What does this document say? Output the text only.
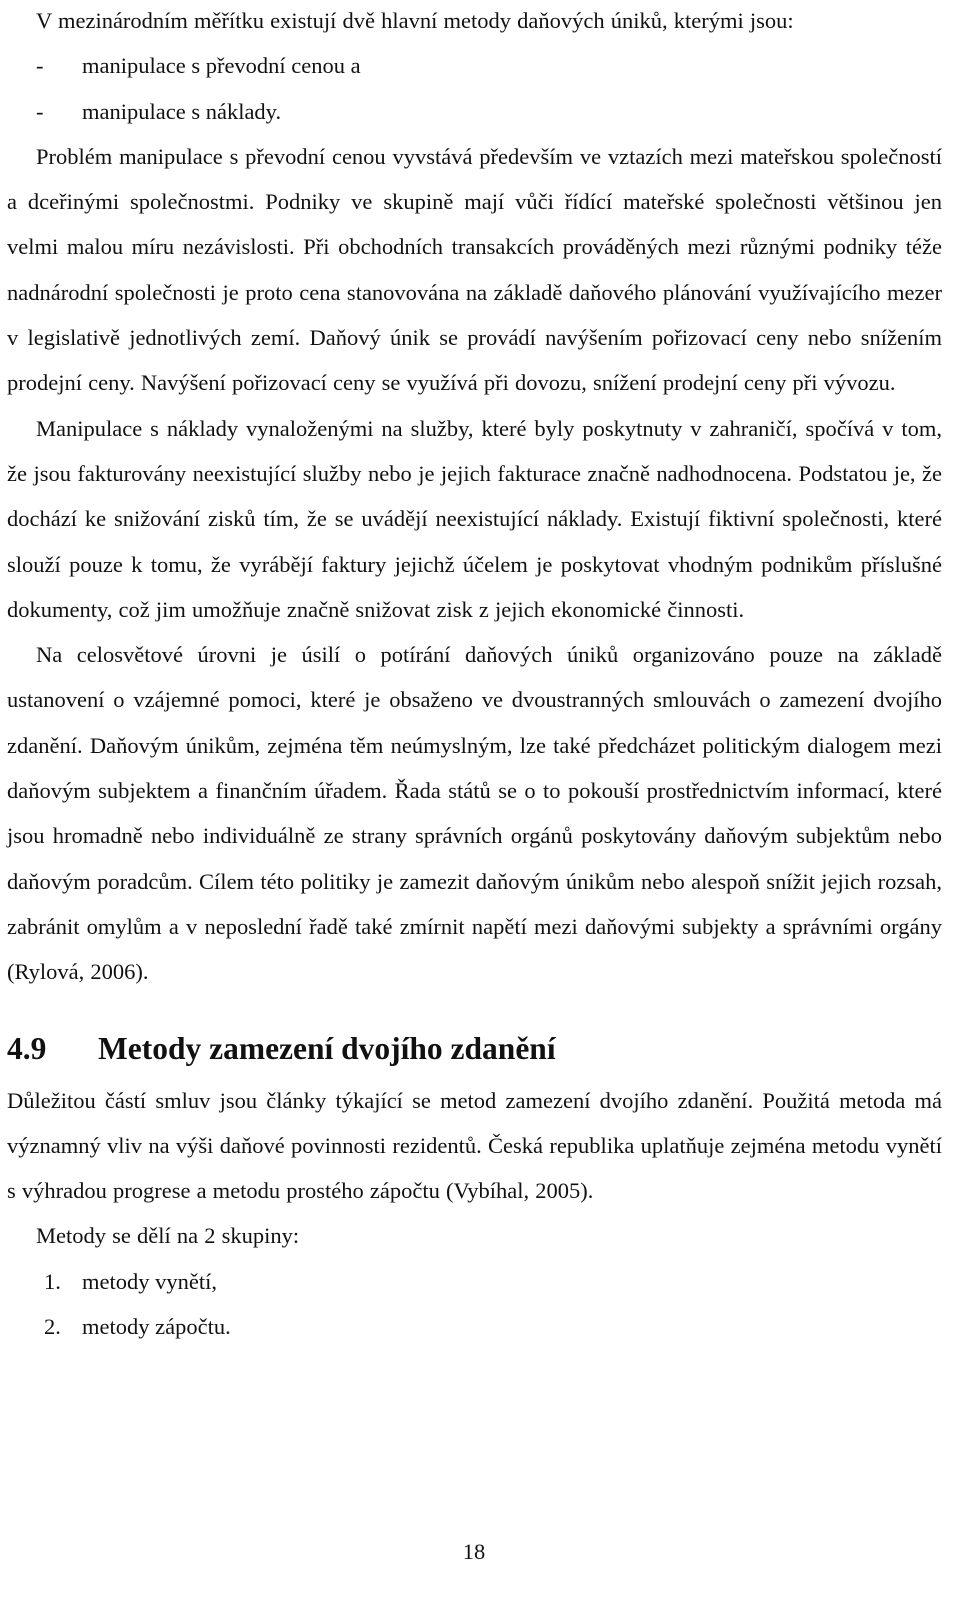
V mezinárodním měřítku existují dvě hlavní metody daňových úniků, kterými jsou:

-	manipulace s převodní cenou a
-	manipulace s náklady.

Problém manipulace s převodní cenou vyvstává především ve vztazích mezi mateřskou společností a dceřinými společnostmi. Podniky ve skupině mají vůči řídící mateřské společnosti většinou jen velmi malou míru nezávislosti. Při obchodních transakcích prováděných mezi různými podniky téže nadnárodní společnosti je proto cena stanovována na základě daňového plánování využívajícího mezer v legislativě jednotlivých zemí. Daňový únik se provádí navýšením pořizovací ceny nebo snížením prodejní ceny. Navýšení pořizovací ceny se využívá při dovozu, snížení prodejní ceny při vývozu.

Manipulace s náklady vynaloženými na služby, které byly poskytnuty v zahraničí, spočívá v tom, že jsou fakturovány neexistující služby nebo je jejich fakturace značně nadhodnocena. Podstatou je, že dochází ke snižování zisků tím, že se uvádějí neexistující náklady. Existují fiktivní společnosti, které slouží pouze k tomu, že vyrábějí faktury jejichž účelem je poskytovat vhodným podnikům příslušné dokumenty, což jim umožňuje značně snižovat zisk z jejich ekonomické činnosti.

Na celosvětové úrovni je úsilí o potírání daňových úniků organizováno pouze na základě ustanovení o vzájemné pomoci, které je obsaženo ve dvoustranných smlouvách o zamezení dvojího zdanění. Daňovým únikům, zejména těm neúmyslným, lze také předcházet politickým dialogem mezi daňovým subjektem a finančním úřadem. Řada států se o to pokouší prostřednictvím informací, které jsou hromadně nebo individuálně ze strany správních orgánů poskytovány daňovým subjektům nebo daňovým poradcům. Cílem této politiky je zamezit daňovým únikům nebo alespoň snížit jejich rozsah, zabránit omylům a v neposlední řadě také zmírnit napětí mezi daňovými subjekty a správními orgány (Rylová, 2006).

4.9	Metody zamezení dvojího zdanění

Důležitou částí smluv jsou články týkající se metod zamezení dvojího zdanění. Použitá metoda má významný vliv na výši daňové povinnosti rezidentů. Česká republika uplatňuje zejména metodu vynětí s výhradou progrese a metodu prostého zápočtu (Vybíhal, 2005).

Metody se dělí na 2 skupiny:

1. metody vynětí,
2. metody zápočtu.
18
